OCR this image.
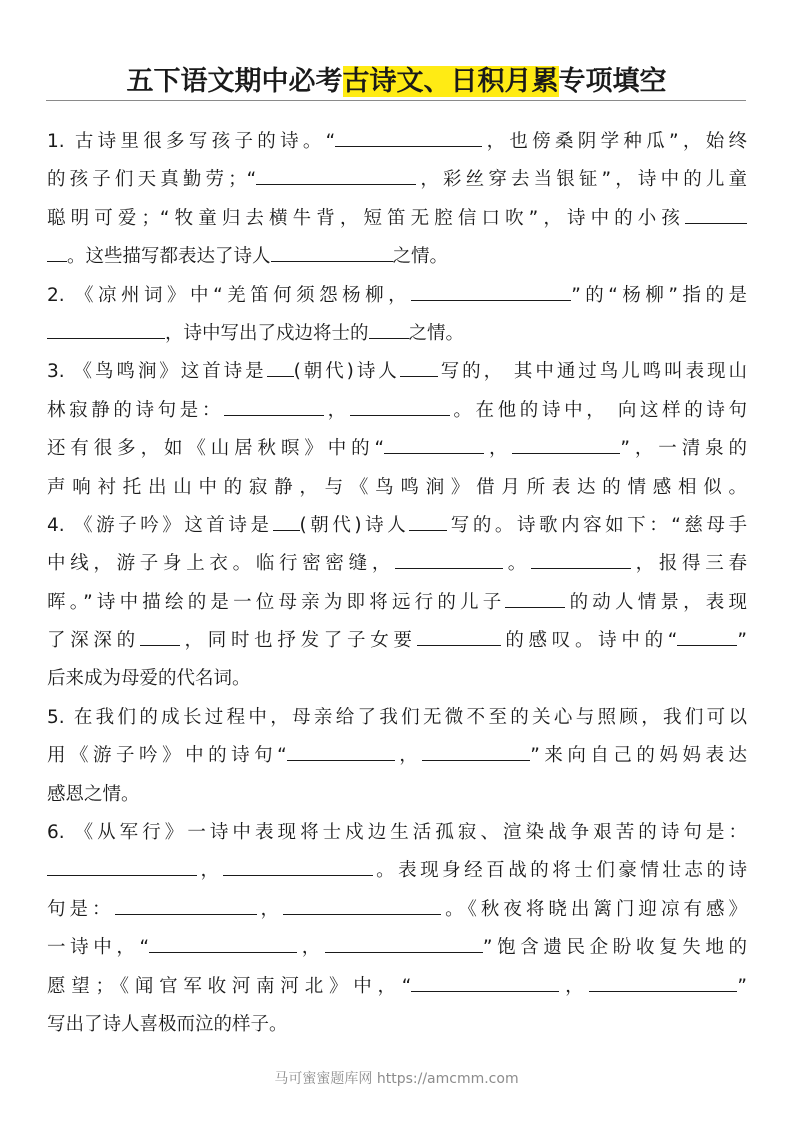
五下语文期中必考古诗文、日积月累专项填空
1. 古诗里很多写孩子的诗。“	，也傍桑阴学种瓜”，始终
的孩子们天真勤劳；“	，彩丝穿去当银钲”，诗中的儿童
聪明可爱；“牧童归去横牛背，短笛无腔信口吹”，诗中的小孩
。这些描写都表达了诗人	之情。
2. 《凉州词》中“羌笛何须怨杨柳，	”的“杨柳”指的是
，诗中写出了戍边将士的 之情。
3. 《鸟鸣涧》这首诗是 (朝代)诗人 写的， 其中通过鸟儿鸣叫表现山
林寂静的诗句是：	，	。在他的诗中， 向这样的诗句
还有很多，如《山居秋暝》中的“	，	”，一清泉的
声响衬托出山中的寂静，与《鸟鸣涧》借月所表达的情感相似。
4. 《游子吟》这首诗是 (朝代)诗人 写的。诗歌内容如下：“慈母手
中线，游子身上衣。临行密密缝，	。	，报得三春
晖。”诗中描绘的是一位母亲为即将远行的儿子	的动人情景，表现
了深深的 ，同时也抒发了子女要	的感叹。诗中的“	”
后来成为母爱的代名词。
5. 在我们的成长过程中，母亲给了我们无微不至的关心与照顾，我们可以
用《游子吟》中的诗句“	，	”来向自己的妈妈表达
感恩之情。
6. 《从军行》一诗中表现将士戍边生活孤寂、渲染战争艰苦的诗句是：
，	。表现身经百战的将士们豪情壮志的诗
句是：	，	。《秋夜将晓出篱门迎凉有感》
一诗中，“	，	”饱含遗民企盼收复失地的
愿望；《闻官军收河南河北》中，“	，	”
写出了诗人喜极而泣的样子。
马可蜜蜜题库网 https://amcmm.com
